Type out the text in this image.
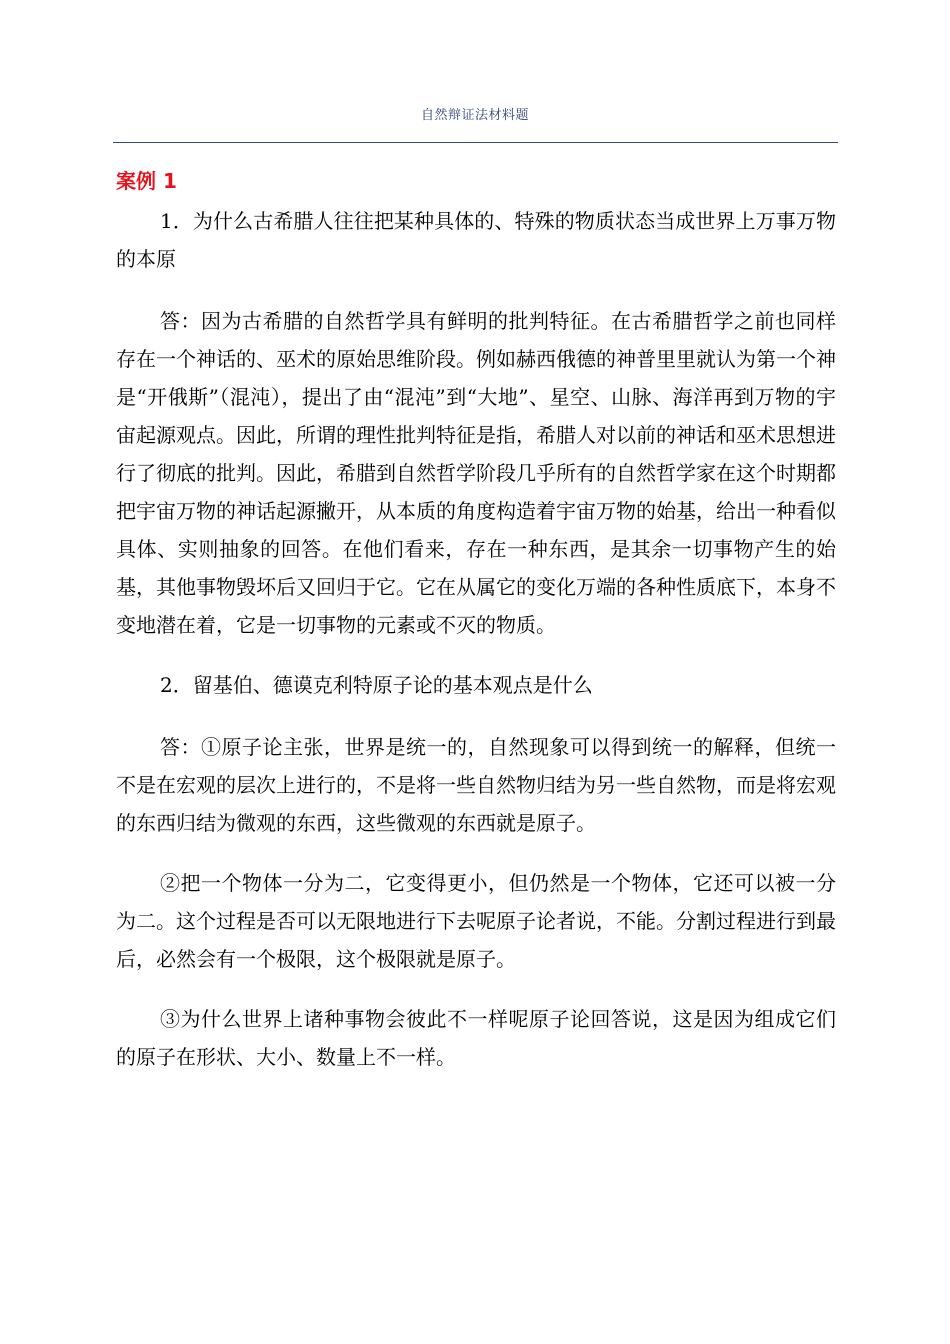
自然辩证法材料题
案例 1

1．为什么古希腊人往往把某种具体的、特殊的物质状态当成世界上万事万物的本原

答：因为古希腊的自然哲学具有鲜明的批判特征。在古希腊哲学之前也同样存在一个神话的、巫术的原始思维阶段。例如赫西俄德的神普里里就认为第一个神是“开俄斯”（混沌），提出了由“混沌”到“大地”、星空、山脉、海洋再到万物的宇宙起源观点。因此，所谓的理性批判特征是指，希腊人对以前的神话和巫术思想进行了彻底的批判。因此，希腊到自然哲学阶段几乎所有的自然哲学家在这个时期都把宇宙万物的神话起源撇开，从本质的角度构造着宇宙万物的始基，给出一种看似具体、实则抽象的回答。在他们看来，存在一种东西，是其余一切事物产生的始基，其他事物毁坏后又回归于它。它在从属它的变化万端的各种性质底下，本身不变地潜在着，它是一切事物的元素或不灭的物质。

2．留基伯、德谟克利特原子论的基本观点是什么

答：①原子论主张，世界是统一的，自然现象可以得到统一的解释，但统一不是在宏观的层次上进行的，不是将一些自然物归结为另一些自然物，而是将宏观的东西归结为微观的东西，这些微观的东西就是原子。

②把一个物体一分为二，它变得更小，但仍然是一个物体，它还可以被一分为二。这个过程是否可以无限地进行下去呢原子论者说，不能。分割过程进行到最后，必然会有一个极限，这个极限就是原子。

③为什么世界上诸种事物会彼此不一样呢原子论回答说，这是因为组成它们的原子在形状、大小、数量上不一样。
